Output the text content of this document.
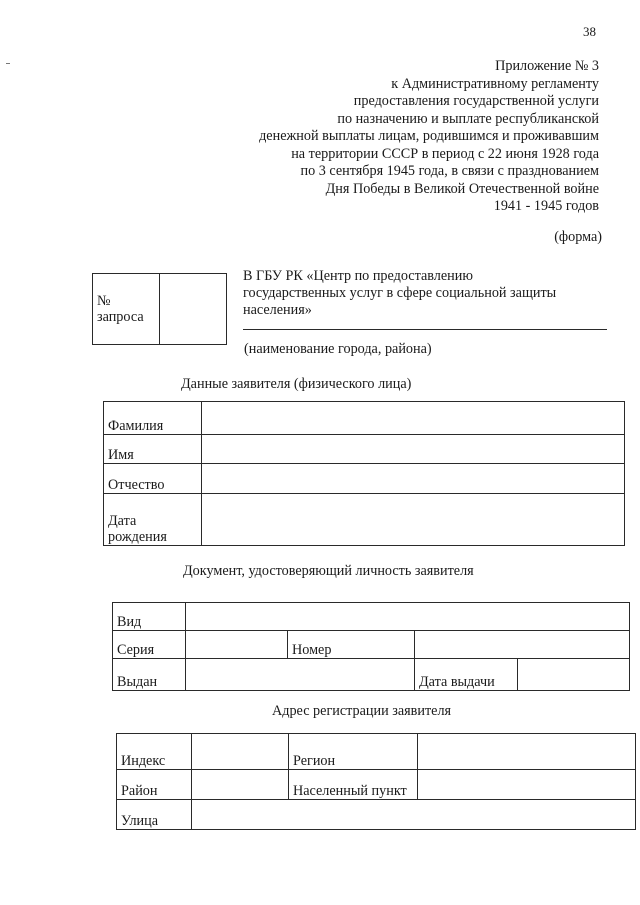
38
Приложение № 3
к Административному регламенту
предоставления государственной услуги
по назначению и выплате республиканской
денежной выплаты лицам, родившимся и проживавшим
на территории СССР в период с 22 июня 1928 года
по 3 сентября 1945 года, в связи с празднованием
Дня Победы в Великой Отечественной войне
1941 - 1945 годов
(форма)
№
запроса

В ГБУ РК «Центр по предоставлению
государственных услуг в сфере социальной защиты
населения»
(наименование города, района)
Данные заявителя (физического лица)
Фамилия	
Имя	
Отчество	

Дата
рождения	

Документ, удостоверяющий личность заявителя
Вид				
Серия		Номер		
Выдан			Дата выдачи	
Адрес регистрации заявителя
Индекс		Регион	
Район		Населенный пункт	
Улица			
